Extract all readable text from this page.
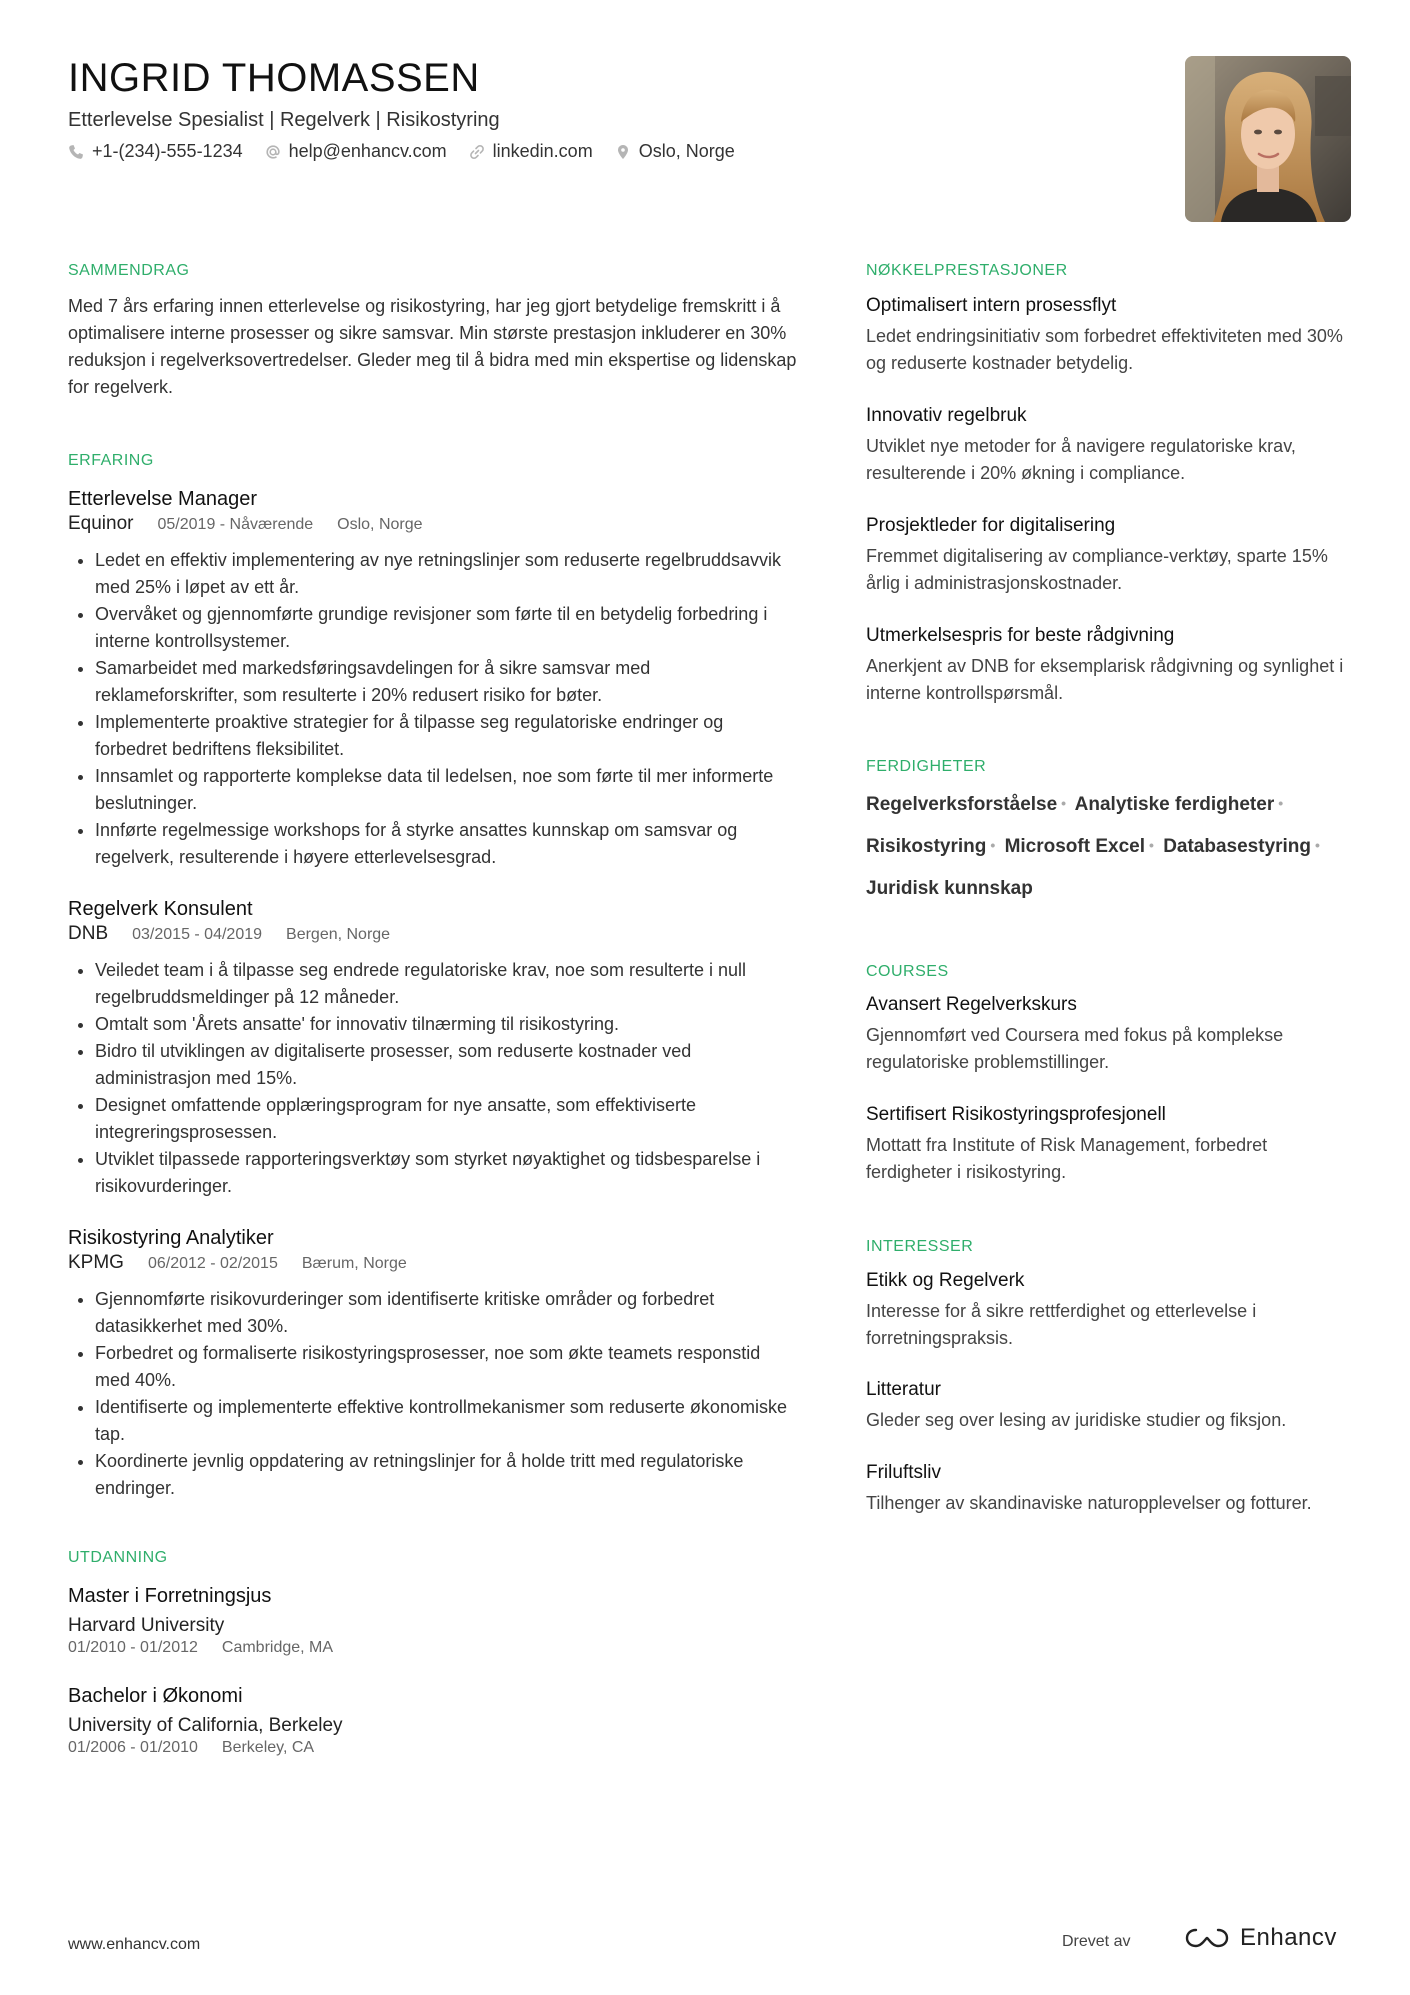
INGRID THOMASSEN
Etterlevelse Spesialist | Regelverk | Risikostyring
+1-(234)-555-1234	help@enhancv.com	linkedin.com	Oslo, Norge
SAMMENDRAG
Med 7 års erfaring innen etterlevelse og risikostyring, har jeg gjort betydelige fremskritt i å optimalisere interne prosesser og sikre samsvar. Min største prestasjon inkluderer en 30% reduksjon i regelverksovertredelser. Gleder meg til å bidra med min ekspertise og lidenskap for regelverk.
ERFARING
Etterlevelse Manager
Equinor 05/2019 - Nåværende Oslo, Norge
• Ledet en effektiv implementering av nye retningslinjer som reduserte regelbruddsavvik med 25% i løpet av ett år.
• Overvåket og gjennomførte grundige revisjoner som førte til en betydelig forbedring i interne kontrollsystemer.
• Samarbeidet med markedsføringsavdelingen for å sikre samsvar med reklameforskrifter, som resulterte i 20% redusert risiko for bøter.
• Implementerte proaktive strategier for å tilpasse seg regulatoriske endringer og forbedret bedriftens fleksibilitet.
• Innsamlet og rapporterte komplekse data til ledelsen, noe som førte til mer informerte beslutninger.
• Innførte regelmessige workshops for å styrke ansattes kunnskap om samsvar og regelverk, resulterende i høyere etterlevelsesgrad.
Regelverk Konsulent
DNB 03/2015 - 04/2019 Bergen, Norge
• Veiledet team i å tilpasse seg endrede regulatoriske krav, noe som resulterte i null regelbruddsmeldinger på 12 måneder.
• Omtalt som 'Årets ansatte' for innovativ tilnærming til risikostyring.
• Bidro til utviklingen av digitaliserte prosesser, som reduserte kostnader ved administrasjon med 15%.
• Designet omfattende opplæringsprogram for nye ansatte, som effektiviserte integreringsprosessen.
• Utviklet tilpassede rapporteringsverktøy som styrket nøyaktighet og tidsbesparelse i risikovurderinger.
Risikostyring Analytiker
KPMG 06/2012 - 02/2015 Bærum, Norge
• Gjennomførte risikovurderinger som identifiserte kritiske områder og forbedret datasikkerhet med 30%.
• Forbedret og formaliserte risikostyringsprosesser, noe som økte teamets responstid med 40%.
• Identifiserte og implementerte effektive kontrollmekanismer som reduserte økonomiske tap.
• Koordinerte jevnlig oppdatering av retningslinjer for å holde tritt med regulatoriske endringer.
UTDANNING
Master i Forretningsjus
Harvard University
01/2010 - 01/2012 Cambridge, MA
Bachelor i Økonomi
University of California, Berkeley
01/2006 - 01/2010 Berkeley, CA
NØKKELPRESTASJONER
Optimalisert intern prosessflyt
Ledet endringsinitiativ som forbedret effektiviteten med 30% og reduserte kostnader betydelig.
Innovativ regelbruk
Utviklet nye metoder for å navigere regulatoriske krav, resulterende i 20% økning i compliance.
Prosjektleder for digitalisering
Fremmet digitalisering av compliance-verktøy, sparte 15% årlig i administrasjonskostnader.
Utmerkelsespris for beste rådgivning
Anerkjent av DNB for eksemplarisk rådgivning og synlighet i interne kontrollspørsmål.
FERDIGHETER
Regelverksforståelse • Analytiske ferdigheter •
Risikostyring • Microsoft Excel • Databasestyring •
Juridisk kunnskap
COURSES
Avansert Regelverkskurs
Gjennomført ved Coursera med fokus på komplekse regulatoriske problemstillinger.
Sertifisert Risikostyringsprofesjonell
Mottatt fra Institute of Risk Management, forbedret ferdigheter i risikostyring.
INTERESSER
Etikk og Regelverk
Interesse for å sikre rettferdighet og etterlevelse i forretningspraksis.
Litteratur
Gleder seg over lesing av juridiske studier og fiksjon.
Friluftsliv
Tilhenger av skandinaviske naturopplevelser og fotturer.
www.enhancv.com	Drevet av	Enhancv
